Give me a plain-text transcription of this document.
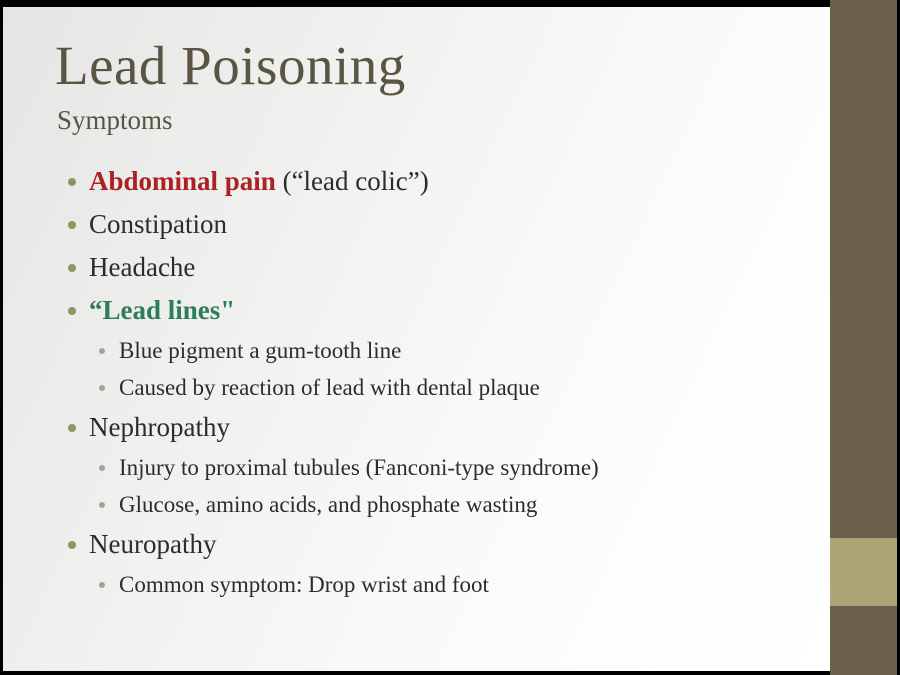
Lead Poisoning
Symptoms
Abdominal pain (“lead colic”)
Constipation
Headache
“Lead lines"
Blue pigment a gum-tooth line
Caused by reaction of lead with dental plaque
Nephropathy
Injury to proximal tubules (Fanconi-type syndrome)
Glucose, amino acids, and phosphate wasting
Neuropathy
Common symptom: Drop wrist and foot
